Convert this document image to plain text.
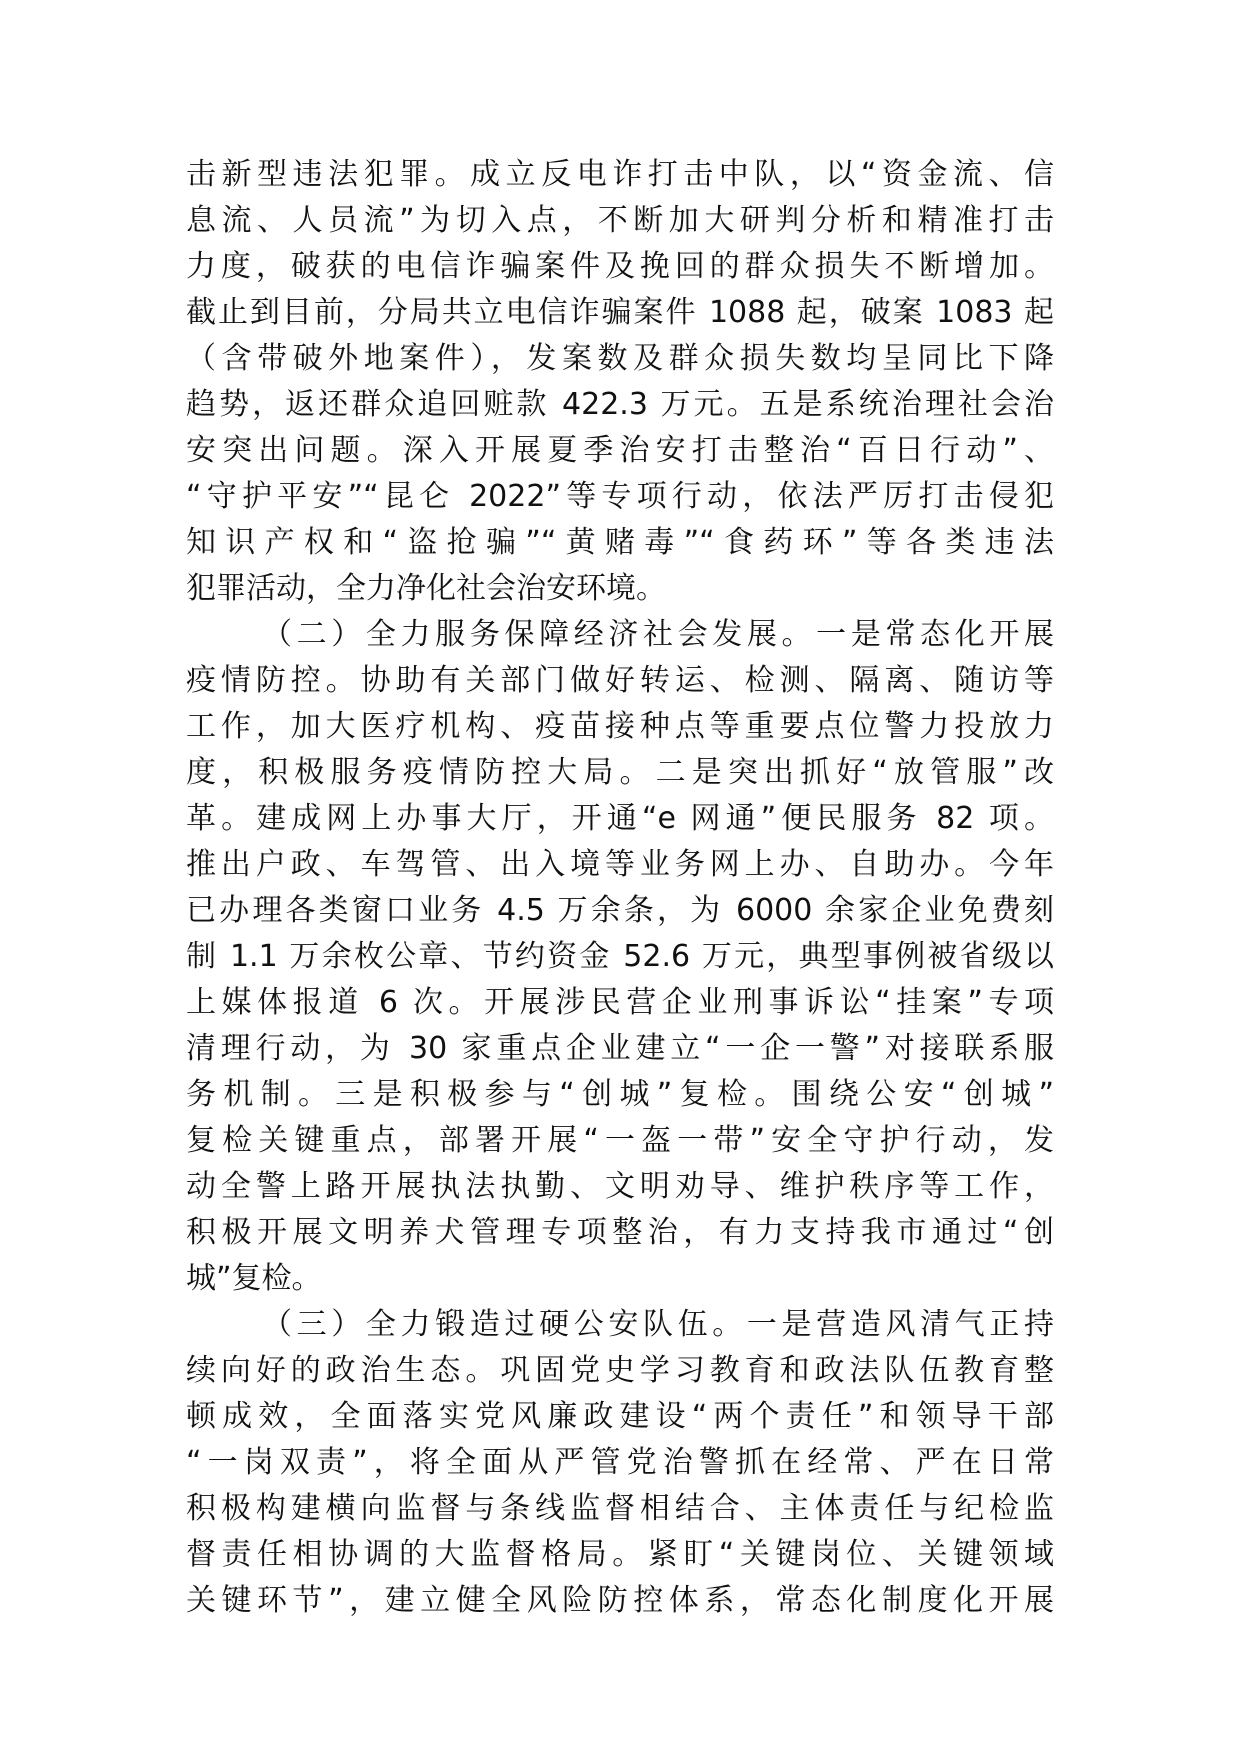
击新型违法犯罪。成立反电诈打击中队，以“资金流、信
息流、人员流”为切入点，不断加大研判分析和精准打击
力度，破获的电信诈骗案件及挽回的群众损失不断增加。
截止到目前，分局共立电信诈骗案件 1088 起，破案 1083 起
（含带破外地案件），发案数及群众损失数均呈同比下降
趋势，返还群众追回赃款 422.3 万元。五是系统治理社会治
安突出问题。深入开展夏季治安打击整治“百日行动”、
“守护平安”“昆仑 2022”等专项行动，依法严厉打击侵犯
知识产权和“盗抢骗”“黄赌毒”“食药环”等各类违法
犯罪活动，全力净化社会治安环境。
（二）全力服务保障经济社会发展。一是常态化开展
疫情防控。协助有关部门做好转运、检测、隔离、随访等
工作，加大医疗机构、疫苗接种点等重要点位警力投放力
度，积极服务疫情防控大局。二是突出抓好“放管服”改
革。建成网上办事大厅，开通“e 网通”便民服务 82 项。
推出户政、车驾管、出入境等业务网上办、自助办。今年
已办理各类窗口业务 4.5 万余条，为 6000 余家企业免费刻
制 1.1 万余枚公章、节约资金 52.6 万元，典型事例被省级以
上媒体报道 6 次。开展涉民营企业刑事诉讼“挂案”专项
清理行动，为 30 家重点企业建立“一企一警”对接联系服
务机制。三是积极参与“创城”复检。围绕公安“创城”
复检关键重点，部署开展“一盔一带”安全守护行动，发
动全警上路开展执法执勤、文明劝导、维护秩序等工作，
积极开展文明养犬管理专项整治，有力支持我市通过“创
城”复检。
（三）全力锻造过硬公安队伍。一是营造风清气正持
续向好的政治生态。巩固党史学习教育和政法队伍教育整
顿成效，全面落实党风廉政建设“两个责任”和领导干部
“一岗双责”，将全面从严管党治警抓在经常、严在日常
积极构建横向监督与条线监督相结合、主体责任与纪检监
督责任相协调的大监督格局。紧盯“关键岗位、关键领域
关键环节”，建立健全风险防控体系，常态化制度化开展
